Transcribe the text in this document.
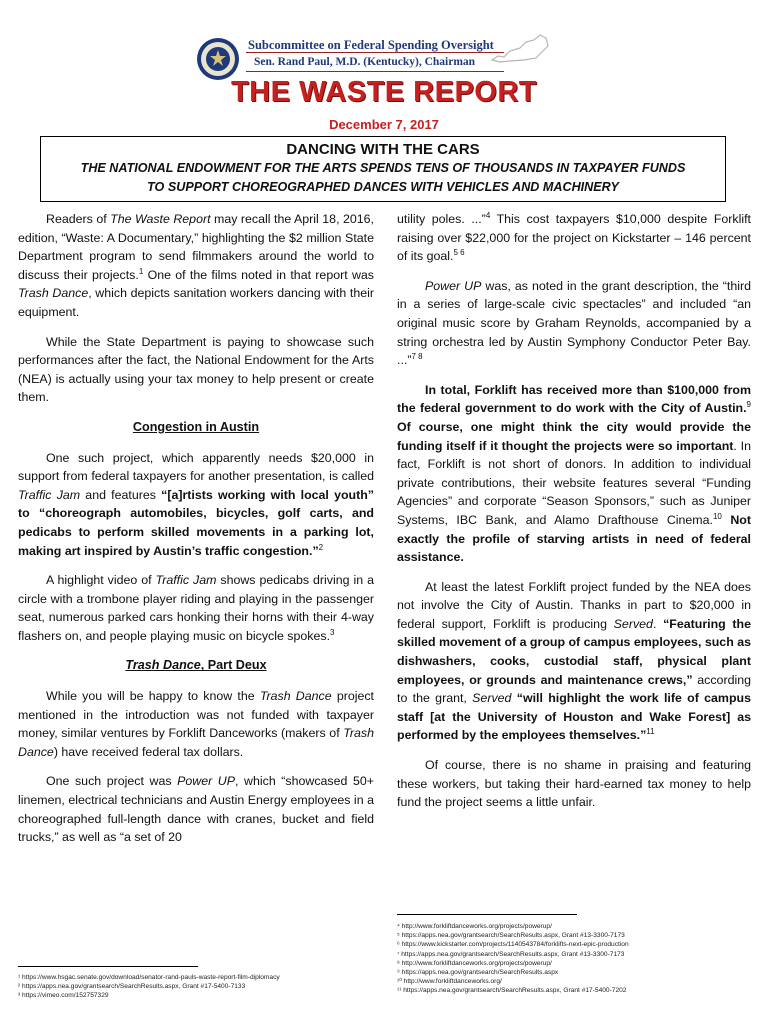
Subcommittee on Federal Spending Oversight
Sen. Rand Paul, M.D. (Kentucky), Chairman
THE WASTE REPORT
December 7, 2017
DANCING WITH THE CARS
THE NATIONAL ENDOWMENT FOR THE ARTS SPENDS TENS OF THOUSANDS IN TAXPAYER FUNDS
TO SUPPORT CHOREOGRAPHED DANCES WITH VEHICLES AND MACHINERY

Readers of The Waste Report may recall the April 18, 2016, edition, “Waste: A Documentary,” highlighting the $2 million State Department program to send filmmakers around the world to discuss their projects.$^1$ One of the films noted in that report was Trash Dance, which depicts sanitation workers dancing with their equipment.

While the State Department is paying to showcase such performances after the fact, the National Endowment for the Arts (NEA) is actually using your tax money to help present or create them.

Congestion in Austin

One such project, which apparently needs $20,000 in support from federal taxpayers for another presentation, is called Traffic Jam and features “[a]rtists working with local youth” to “choreograph automobiles, bicycles, golf carts, and pedicabs to perform skilled movements in a parking lot, making art inspired by Austin’s traffic congestion.”$^2$

A highlight video of Traffic Jam shows pedicabs driving in a circle with a trombone player riding and playing in the passenger seat, numerous parked cars honking their horns with their 4-way flashers on, and people playing music on bicycle spokes.$^3$

Trash Dance, Part Deux

While you will be happy to know the Trash Dance project mentioned in the introduction was not funded with taxpayer money, similar ventures by Forklift Danceworks (makers of Trash Dance) have received federal tax dollars.

One such project was Power UP, which “showcased 50+ linemen, electrical technicians and Austin Energy employees in a choreographed full-length dance with cranes, bucket and field trucks,” as well as “a set of 20

utility poles. ...”$^4$ This cost taxpayers $10,000 despite Forklift raising over $22,000 for the project on Kickstarter – 146 percent of its goal.$^{5 6}$

Power UP was, as noted in the grant description, the “third in a series of large-scale civic spectacles” and included “an original music score by Graham Reynolds, accompanied by a string orchestra led by Austin Symphony Conductor Peter Bay. ...”$^{7 8}$

In total, Forklift has received more than $100,000 from the federal government to do work with the City of Austin.$^9$ Of course, one might think the city would provide the funding itself if it thought the projects were so important. In fact, Forklift is not short of donors. In addition to individual private contributions, their website features several “Funding Agencies” and corporate “Season Sponsors,” such as Juniper Systems, IBC Bank, and Alamo Drafthouse Cinema.$^{10}$ Not exactly the profile of starving artists in need of federal assistance.

At least the latest Forklift project funded by the NEA does not involve the City of Austin. Thanks in part to $20,000 in federal support, Forklift is producing Served. “Featuring the skilled movement of a group of campus employees, such as dishwashers, cooks, custodial staff, physical plant employees, or grounds and maintenance crews,” according to the grant, Served “will highlight the work life of campus staff [at the University of Houston and Wake Forest] as performed by the employees themselves.”$^{11}$

Of course, there is no shame in praising and featuring these workers, but taking their hard-earned tax money to help fund the project seems a little unfair.

¹ https://www.hsgac.senate.gov/download/senator-rand-pauls-waste-report-film-diplomacy
² https://apps.nea.gov/grantsearch/SearchResults.aspx, Grant #17-5400-7133
³ https://vimeo.com/152757329
⁴ http://www.forkliftdanceworks.org/projects/powerup/
⁵ https://apps.nea.gov/grantsearch/SearchResults.aspx, Grant #13-3300-7173
⁶ https://www.kickstarter.com/projects/1140543784/forklifts-next-epic-production
⁷ https://apps.nea.gov/grantsearch/SearchResults.aspx, Grant #13-3300-7173
⁸ http://www.forkliftdanceworks.org/projects/powerup/
⁹ https://apps.nea.gov/grantsearch/SearchResults.aspx
¹⁰ http://www.forkliftdanceworks.org/
¹¹ https://apps.nea.gov/grantsearch/SearchResults.aspx, Grant #17-5400-7202
